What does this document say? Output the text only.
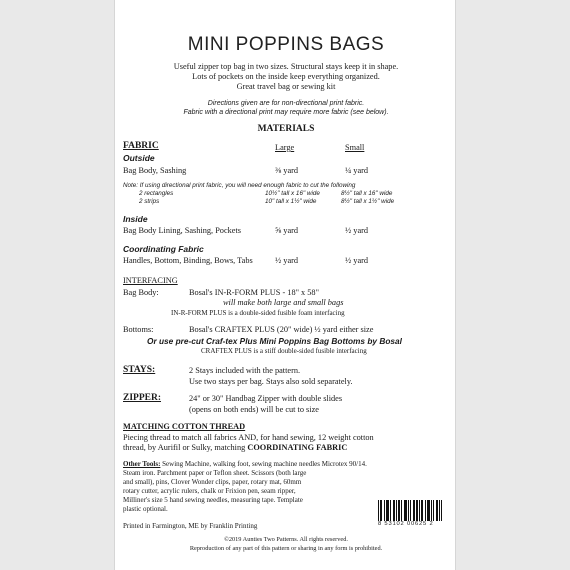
MINI POPPINS BAGS
Useful zipper top bag in two sizes. Structural stays keep it in shape.
Lots of pockets on the inside keep everything organized.
Great travel bag or sewing kit
Directions given are for non-directional print fabric.
Fabric with a directional print may require more fabric (see below).
MATERIALS
FABRIC	Large	Small
Outside
Bag Body, Sashing	⅜ yard	¼ yard
Note: If using directional print fabric, you will need enough fabric to cut the following
2 rectangles	10½" tall x 16" wide	8½" tall x 16" wide
2 strips	10" tall x 1½" wide	8½" tall x 1½" wide
Inside
Bag Body Lining, Sashing, Pockets	⅝ yard	½ yard
Coordinating Fabric
Handles, Bottom, Binding, Bows, Tabs	½ yard	½ yard
INTERFACING
Bag Body:	Bosal's IN-R-FORM PLUS - 18" x 58"
will make both large and small bags
IN-R-FORM PLUS is a double-sided fusible foam interfacing
Bottoms:	Bosal's CRAFTEX PLUS (20" wide) ½ yard either size
Or use pre-cut Craf-tex Plus Mini Poppins Bag Bottoms by Bosal
CRAFTEX PLUS is a stiff double-sided fusible interfacing
STAYS:	2 Stays included with the pattern.
Use two stays per bag. Stays also sold separately.
ZIPPER:	24" or 30" Handbag Zipper with double slides
(opens on both ends) will be cut to size
MATCHING COTTON THREAD
Piecing thread to match all fabrics AND, for hand sewing, 12 weight cotton
thread, by Aurifil or Sulky, matching COORDINATING FABRIC
Other Tools: Sewing Machine, walking foot, sewing machine needles Microtex 90/14.
Steam iron. Parchment paper or Teflon sheet. Scissors (both large
and small), pins, Clover Wonder clips, paper, rotary mat, 60mm
rotary cutter, acrylic rulers, chalk or Frixion pen, seam ripper,
Milliner's size 5 hand sewing needles, measuring tape. Template
plastic optional.
Printed in Farmington, ME by Franklin Printing	8 53102 00625 2
©2019 Aunties Two Patterns. All rights reserved.
Reproduction of any part of this pattern or sharing in any form is prohibited.
